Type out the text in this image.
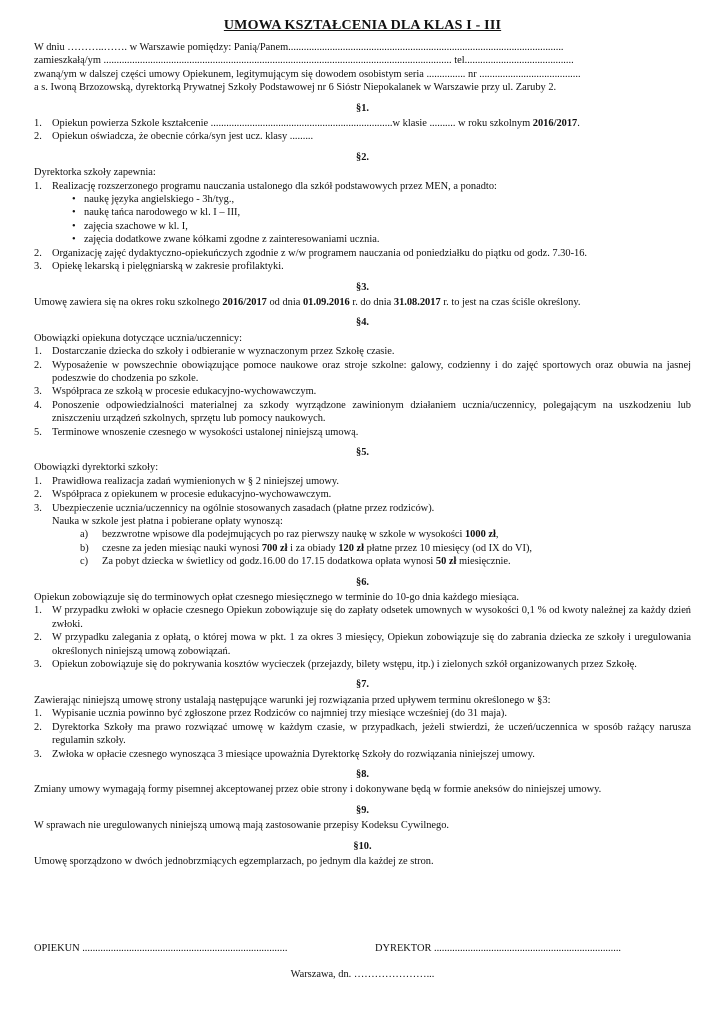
UMOWA KSZTAŁCENIA DLA KLAS I - III

W dniu ………..……. w Warszawie pomiędzy: Panią/Panem..........................................................................................................

zamieszkałą/ym ...................................................................................................................................... tel..........................................

zwaną/ym w dalszej części umowy Opiekunem, legitymującym się dowodem osobistym seria ............... nr .......................................

a s. Iwoną Brzozowską, dyrektorką Prywatnej Szkoły Podstawowej nr 6 Sióstr Niepokalanek w Warszawie przy ul. Zaruby 2.

§1.
1. Opiekun powierza Szkole kształcenie ......................................................................w klasie .......... w roku szkolnym 2016/2017.
2. Opiekun oświadcza, że obecnie córka/syn jest ucz. klasy .........
§2.

Dyrektorka szkoły zapewnia:

1. Realizację rozszerzonego programu nauczania ustalonego dla szkół podstawowych przez MEN, a ponadto:
• naukę języka angielskiego - 3h/tyg.,
• naukę tańca narodowego w kl. I – III,
• zajęcia szachowe w kl. I,
• zajęcia dodatkowe zwane kółkami zgodne z zainteresowaniami ucznia.
2. Organizację zajęć dydaktyczno-opiekuńczych zgodnie z w/w programem nauczania od poniedziałku do piątku od godz. 7.30-16.
3. Opiekę lekarską i pielęgniarską w zakresie profilaktyki.
§3.

Umowę zawiera się na okres roku szkolnego 2016/2017 od dnia 01.09.2016 r. do dnia 31.08.2017 r. to jest na czas ściśle określony.

§4.

Obowiązki opiekuna dotyczące ucznia/uczennicy:

1. Dostarczanie dziecka do szkoły i odbieranie w wyznaczonym przez Szkołę czasie.
2. Wyposażenie w powszechnie obowiązujące pomoce naukowe oraz stroje szkolne: galowy, codzienny i do zajęć sportowych oraz obuwia na jasnej podeszwie do chodzenia po szkole.
3. Współpraca ze szkołą w procesie edukacyjno-wychowawczym.
4. Ponoszenie odpowiedzialności materialnej za szkody wyrządzone zawinionym działaniem ucznia/uczennicy, polegającym na uszkodzeniu lub zniszczeniu urządzeń szkolnych, sprzętu lub pomocy naukowych.
5. Terminowe wnoszenie czesnego w wysokości ustalonej niniejszą umową.
§5.

Obowiązki dyrektorki szkoły:

1. Prawidłowa realizacja zadań wymienionych w § 2 niniejszej umowy.
2. Współpraca z opiekunem w procesie edukacyjno-wychowawczym.
3. Ubezpieczenie ucznia/uczennicy na ogólnie stosowanych zasadach (płatne przez rodziców).

Nauka w szkole jest płatna i pobierane opłaty wynoszą:

a) bezzwrotne wpisowe dla podejmujących po raz pierwszy naukę w szkole w wysokości 1000 zł,
b) czesne za jeden miesiąc nauki wynosi 700 zł i za obiady 120 zł płatne przez 10 miesięcy (od IX do VI),
c) Za pobyt dziecka w świetlicy od godz.16.00 do 17.15 dodatkowa opłata wynosi 50 zł miesięcznie.
§6.

Opiekun zobowiązuje się do terminowych opłat czesnego miesięcznego w terminie do 10-go dnia każdego miesiąca.

1. W przypadku zwłoki w opłacie czesnego Opiekun zobowiązuje się do zapłaty odsetek umownych w wysokości 0,1 % od kwoty należnej za każdy dzień zwłoki.
2. W przypadku zalegania z opłatą, o której mowa w pkt. 1 za okres 3 miesięcy, Opiekun zobowiązuje się do zabrania dziecka ze szkoły i uregulowania określonych niniejszą umową zobowiązań.
3. Opiekun zobowiązuje się do pokrywania kosztów wycieczek (przejazdy, bilety wstępu, itp.) i zielonych szkół organizowanych przez Szkołę.
§7.

Zawierając niniejszą umowę strony ustalają następujące warunki jej rozwiązania przed upływem terminu określonego w §3:

1. Wypisanie ucznia powinno być zgłoszone przez Rodziców co najmniej trzy miesiące wcześniej (do 31 maja).
2. Dyrektorka Szkoły ma prawo rozwiązać umowę w każdym czasie, w przypadkach, jeżeli stwierdzi, że uczeń/uczennica w sposób rażący narusza regulamin szkoły.
3. Zwłoka w opłacie czesnego wynosząca 3 miesiące upoważnia Dyrektorkę Szkoły do rozwiązania niniejszej umowy.
§8.

Zmiany umowy wymagają formy pisemnej akceptowanej przez obie strony i dokonywane będą w formie aneksów do niniejszej umowy.

§9.

W sprawach nie uregulowanych niniejszą umową mają zastosowanie przepisy Kodeksu Cywilnego.

§10.

Umowę sporządzono w dwóch jednobrzmiących egzemplarzach, po jednym dla każdej ze stron.

OPIEKUN ...............................................................................	DYREKTOR ........................................................................
Warszawa, dn. …………………...
